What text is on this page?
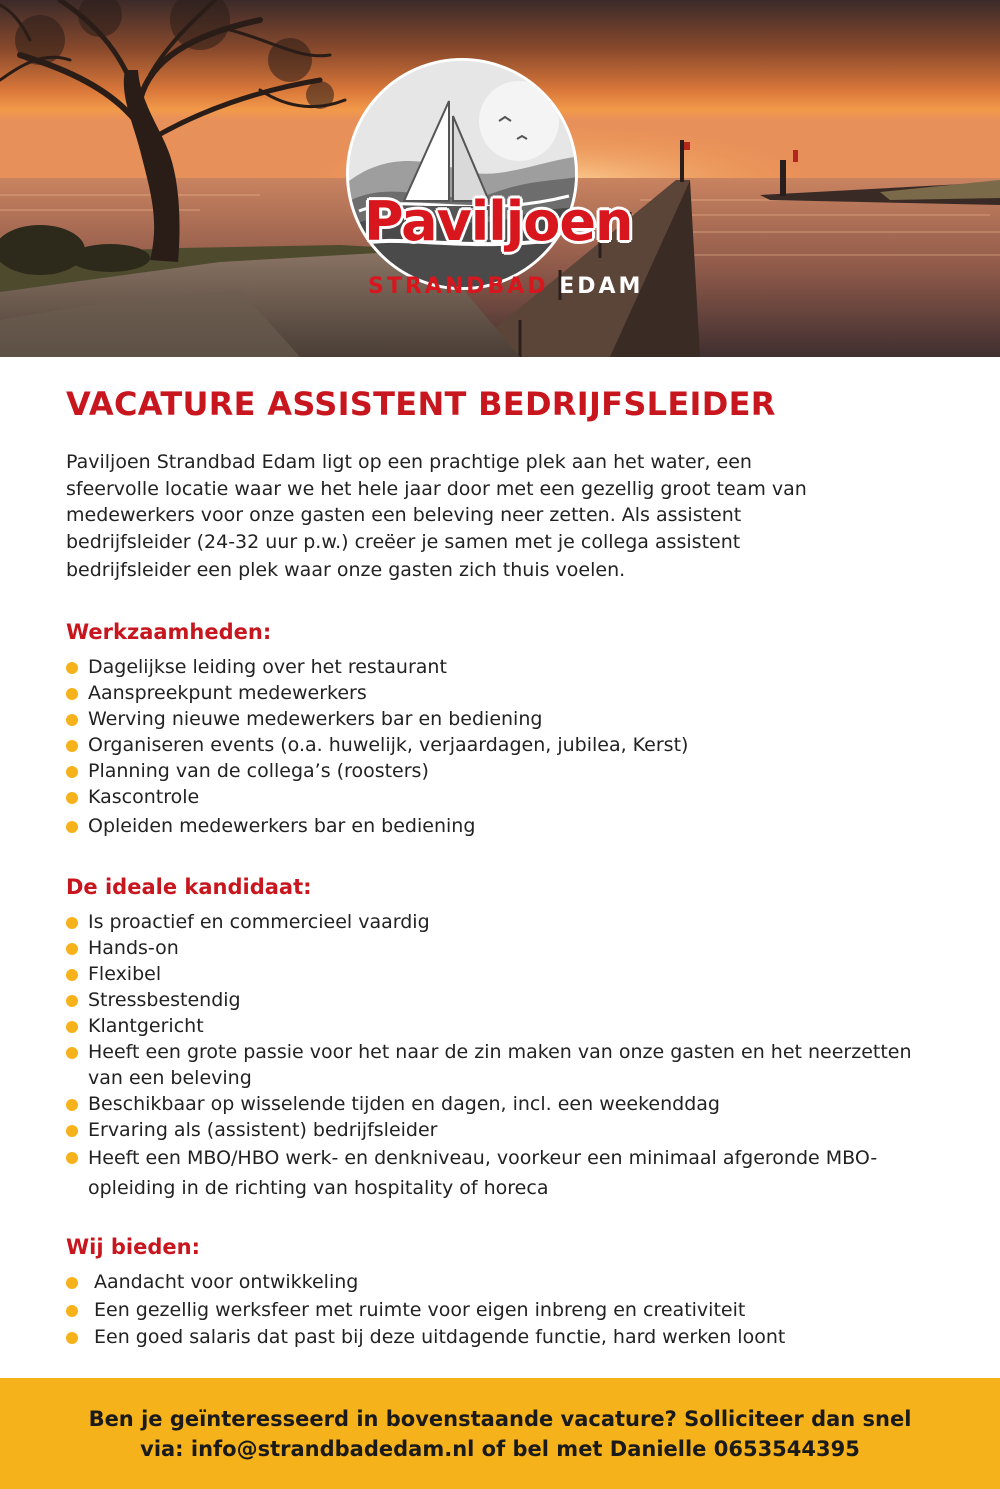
Paviljoen
STRANDBAD EDAM
VACATURE ASSISTENT BEDRIJFSLEIDER
Paviljoen Strandbad Edam ligt op een prachtige plek aan het water, een
sfeervolle locatie waar we het hele jaar door met een gezellig groot team van
medewerkers voor onze gasten een beleving neer zetten. Als assistent
bedrijfsleider (24-32 uur p.w.) creëer je samen met je collega assistent
bedrijfsleider een plek waar onze gasten zich thuis voelen.
Werkzaamheden:
Dagelijkse leiding over het restaurant
Aanspreekpunt medewerkers
Werving nieuwe medewerkers bar en bediening
Organiseren events (o.a. huwelijk, verjaardagen, jubilea, Kerst)
Planning van de collega’s (roosters)
Kascontrole
Opleiden medewerkers bar en bediening
De ideale kandidaat:
Is proactief en commercieel vaardig
Hands-on
Flexibel
Stressbestendig
Klantgericht
Heeft een grote passie voor het naar de zin maken van onze gasten en het neerzetten van een beleving
Beschikbaar op wisselende tijden en dagen, incl. een weekenddag
Ervaring als (assistent) bedrijfsleider
Heeft een MBO/HBO werk- en denkniveau, voorkeur een minimaal afgeronde MBO-opleiding in de richting van hospitality of horeca
Wij bieden:
Aandacht voor ontwikkeling
Een gezellig werksfeer met ruimte voor eigen inbreng en creativiteit
Een goed salaris dat past bij deze uitdagende functie, hard werken loont

Ben je geïnteresseerd in bovenstaande vacature? Solliciteer dan snel

via: info@strandbadedam.nl of bel met Danielle 0653544395
